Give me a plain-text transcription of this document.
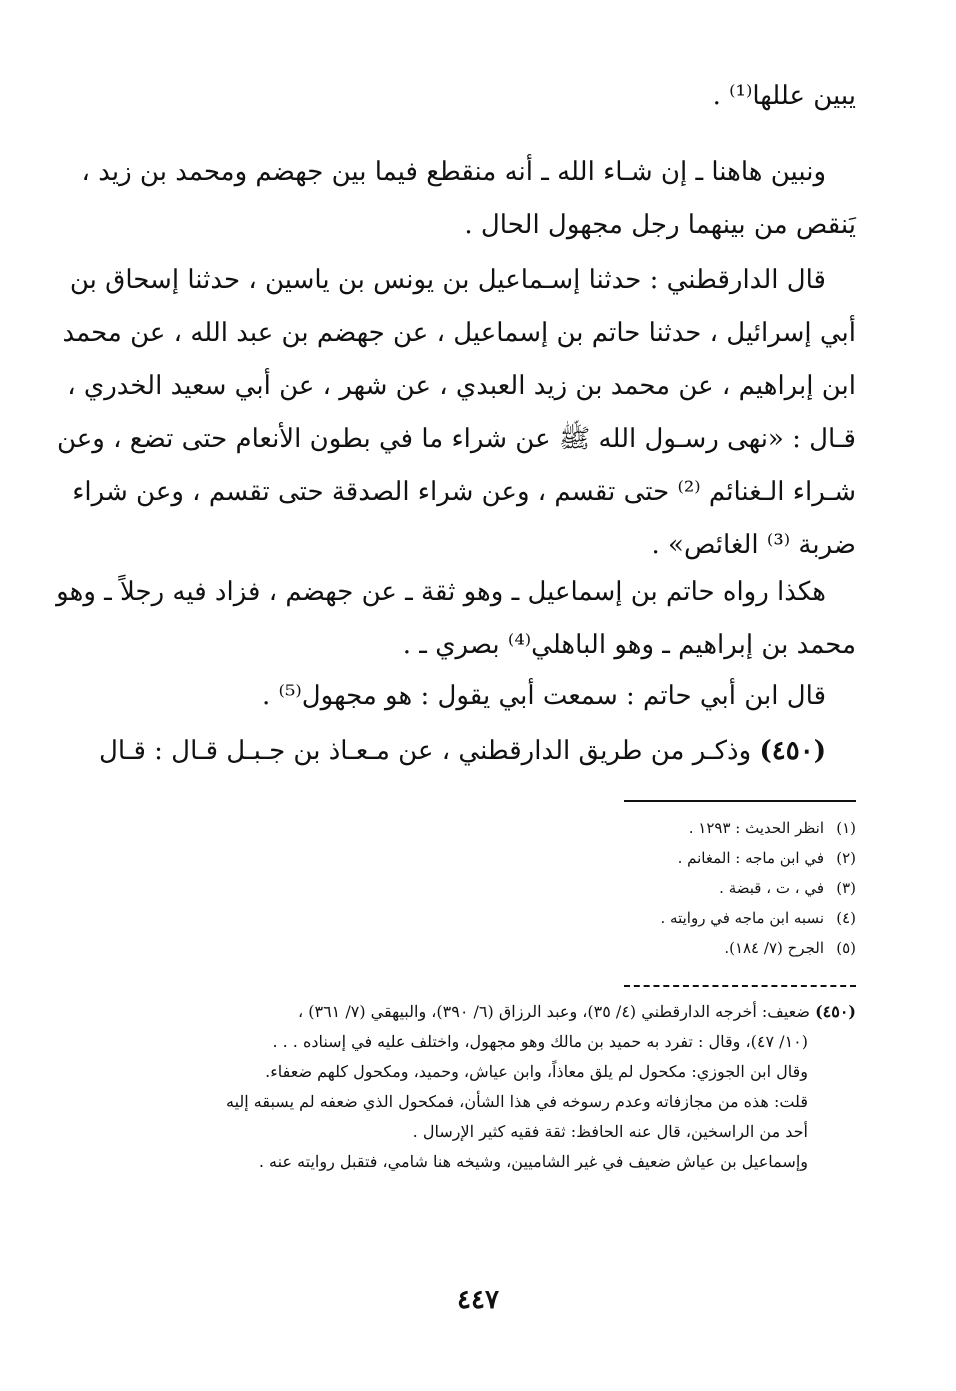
يبين عللها⁽¹⁾ .

ونبين هاهنا ـ إن شـاء الله ـ أنه منقطع فيما بين جهضم ومحمد بن زيد ،
يَنقص من بينهما رجل مجهول الحال .

قال الدارقطني : حدثنا إسـماعيل بن يونس بن ياسين ، حدثنا إسحاق بن
أبي إسرائيل ، حدثنا حاتم بن إسماعيل ، عن جهضم بن عبد الله ، عن محمد
ابن إبراهيم ، عن محمد بن زيد العبدي ، عن شهر ، عن أبي سعيد الخدري ،
قـال : «نهى رسـول الله ﷺ عن شراء ما في بطون الأنعام حتى تضع ، وعن
شـراء الـغنائم ⁽²⁾ حتى تقسم ، وعن شراء الصدقة حتى تقسم ، وعن شراء
ضربة ⁽³⁾ الغائص» .

هكذا رواه حاتم بن إسماعيل ـ وهو ثقة ـ عن جهضم ، فزاد فيه رجلاً ـ وهو
محمد بن إبراهيم ـ وهو الباهلي⁽⁴⁾ بصري ـ .

قال ابن أبي حاتم : سمعت أبي يقول : هو مجهول⁽⁵⁾ .

(٤٥٠) وذكـر من طريق الدارقطني ، عن مـعـاذ بن جـبـل قـال : قـال

(١)انظر الحديث : ١٢٩٣ .
(٢)في ابن ماجه : المغانم .
(٣)في ، ت ، قبضة .
(٤)نسبه ابن ماجه في روايته .
(٥)الجرح (٧/ ١٨٤).
(٤٥٠) ضعيف: أخرجه الدارقطني (٤/ ٣٥)، وعبد الرزاق (٦/ ٣٩٠)، والبيهقي (٧/ ٣٦١) ،
(١٠/ ٤٧)، وقال : تفرد به حميد بن مالك وهو مجهول، واختلف عليه في إسناده . . .
وقال ابن الجوزي: مكحول لم يلق معاذاً، وابن عياش، وحميد، ومكحول كلهم ضعفاء.
قلت: هذه من مجازفاته وعدم رسوخه في هذا الشأن، فمكحول الذي ضعفه لم يسبقه إليه
أحد من الراسخين، قال عنه الحافظ: ثقة فقيه كثير الإرسال .
وإسماعيل بن عياش ضعيف في غير الشاميين، وشيخه هنا شامي، فتقبل روايته عنه .
٤٤٧
